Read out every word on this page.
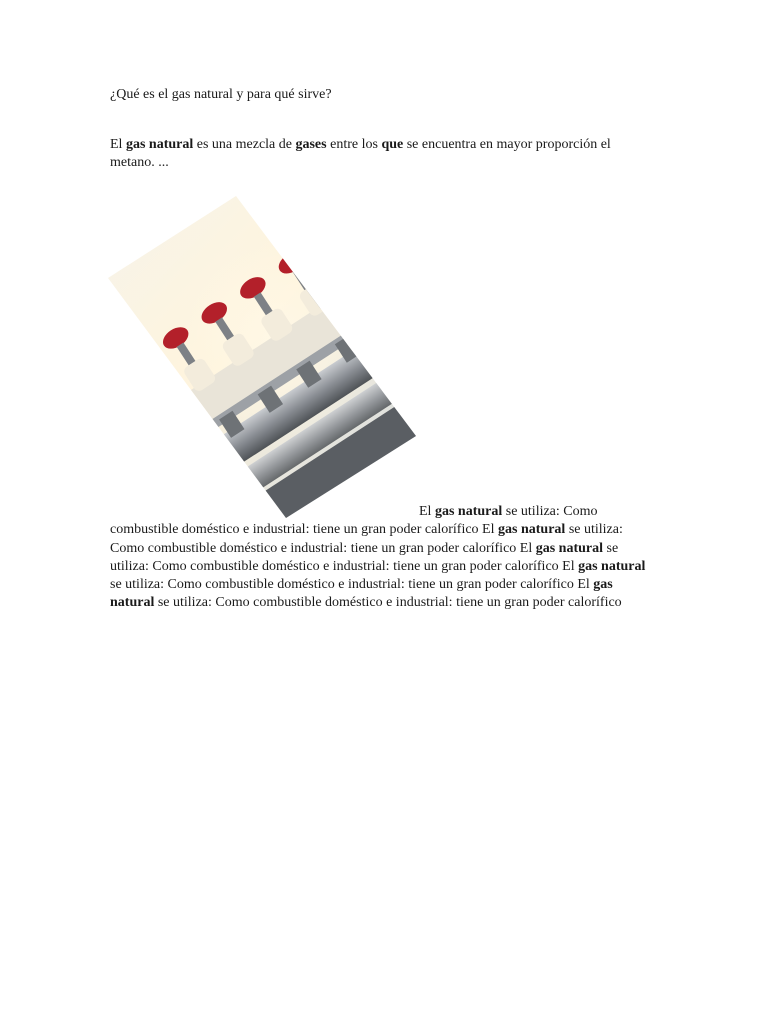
¿Qué es el gas natural y para qué sirve?
El gas natural es una mezcla de gases entre los que se encuentra en mayor proporción el metano. ...
El gas natural se utiliza: Como combustible doméstico e industrial: tiene un gran poder calorífico El gas natural se utiliza: Como combustible doméstico e industrial: tiene un gran poder calorífico El gas natural se utiliza: Como combustible doméstico e industrial: tiene un gran poder calorífico El gas natural se utiliza: Como combustible doméstico e industrial: tiene un gran poder calorífico El gas natural se utiliza: Como combustible doméstico e industrial: tiene un gran poder calorífico
